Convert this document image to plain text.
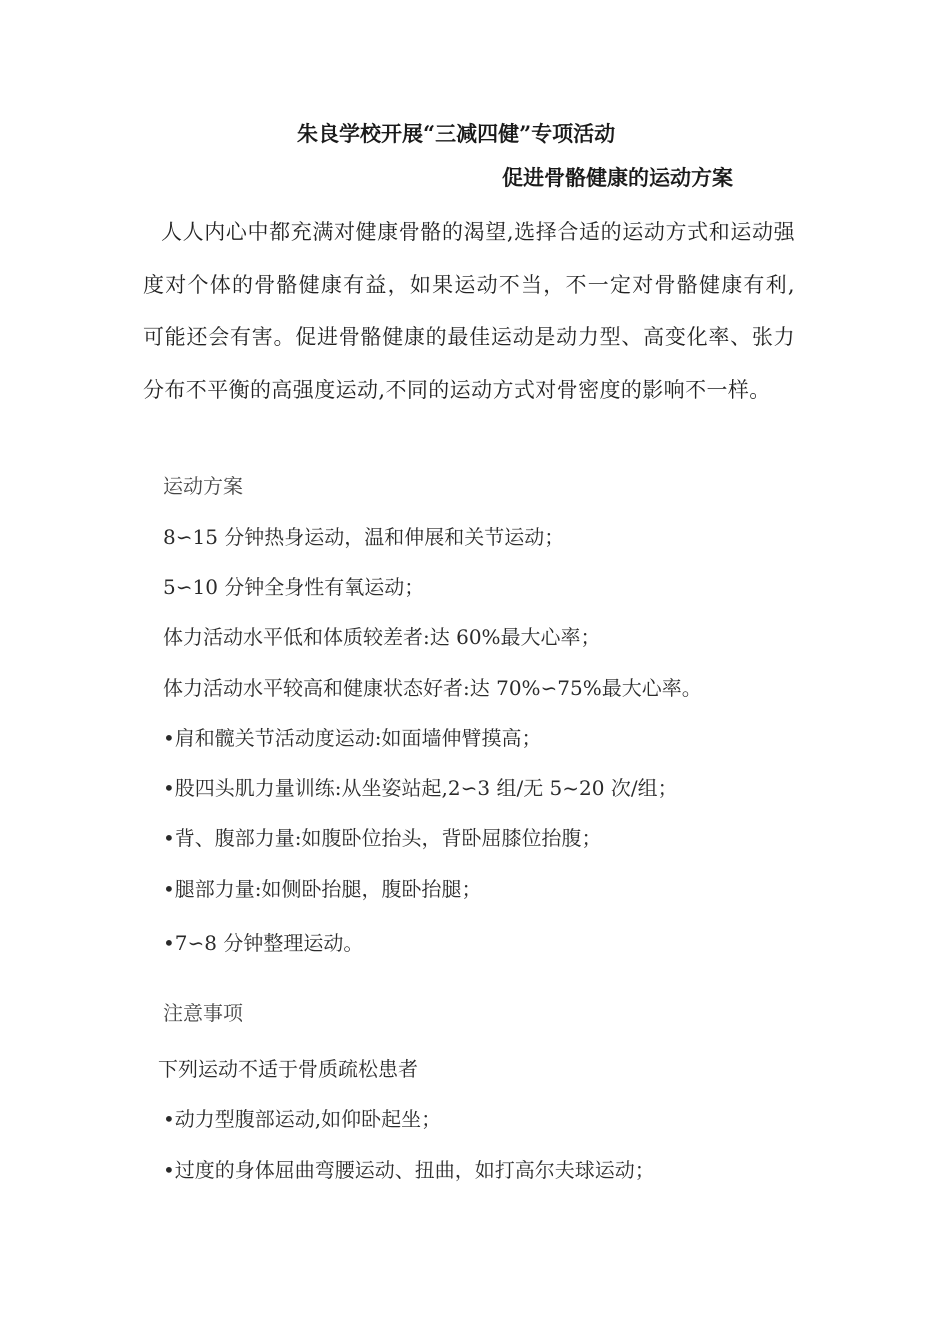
朱良学校开展“三减四健”专项活动
促进骨骼健康的运动方案
人人内心中都充满对健康骨骼的渴望,选择合适的运动方式和运动强度对个体的骨骼健康有益，如果运动不当，不一定对骨骼健康有利, 可能还会有害。促进骨骼健康的最佳运动是动力型、高变化率、张力分布不平衡的高强度运动,不同的运动方式对骨密度的影响不一样。
运动方案
8∽15 分钟热身运动，温和伸展和关节运动；
5∽10 分钟全身性有氧运动；
体力活动水平低和体质较差者:达 60%最大心率；
体力活动水平较高和健康状态好者:达 70%∽75%最大心率。
•肩和髋关节活动度运动:如面墙伸臂摸高；
•股四头肌力量训练:从坐姿站起,2∽3 组/无 5~20 次/组；
•背、腹部力量:如腹卧位抬头，背卧屈膝位抬腹；
•腿部力量:如侧卧抬腿，腹卧抬腿；
•7∽8 分钟整理运动。
注意事项
下列运动不适于骨质疏松患者
•动力型腹部运动,如仰卧起坐；
•过度的身体屈曲弯腰运动、扭曲，如打高尔夫球运动；
